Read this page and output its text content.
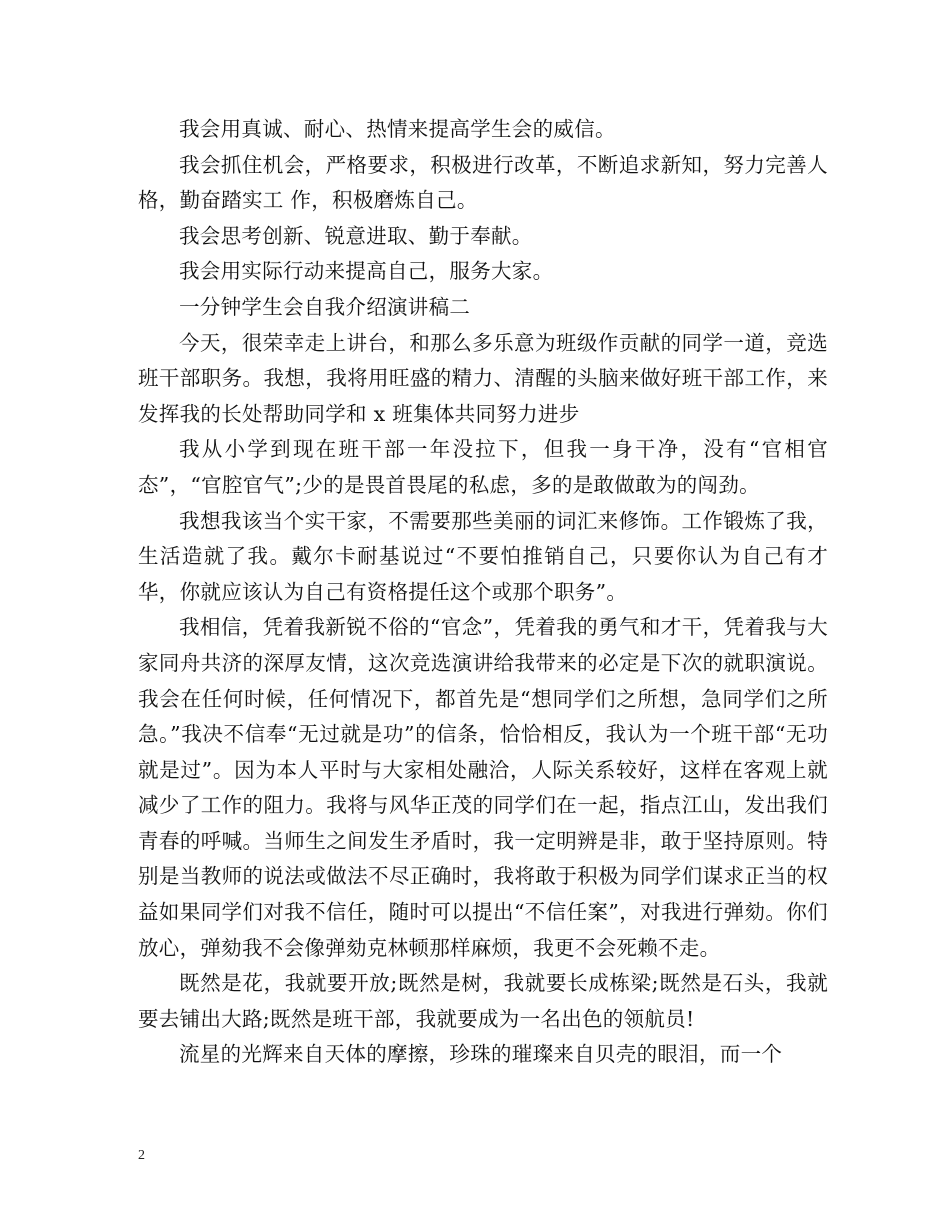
我会用真诚、耐心、热情来提高学生会的威信。

我会抓住机会，严格要求，积极进行改革，不断追求新知，努力完善人格，勤奋踏实工 作，积极磨炼自己。

我会思考创新、锐意进取、勤于奉献。

我会用实际行动来提高自己，服务大家。

一分钟学生会自我介绍演讲稿二

今天，很荣幸走上讲台，和那么多乐意为班级作贡献的同学一道，竞选班干部职务。我想，我将用旺盛的精力、清醒的头脑来做好班干部工作，来发挥我的长处帮助同学和 x 班集体共同努力进步

我从小学到现在班干部一年没拉下，但我一身干净，没有“官相官态”，“官腔官气”;少的是畏首畏尾的私虑，多的是敢做敢为的闯劲。

我想我该当个实干家，不需要那些美丽的词汇来修饰。工作锻炼了我，生活造就了我。戴尔卡耐基说过“不要怕推销自己，只要你认为自己有才华，你就应该认为自己有资格提任这个或那个职务”。

我相信，凭着我新锐不俗的“官念”，凭着我的勇气和才干，凭着我与大家同舟共济的深厚友情，这次竞选演讲给我带来的必定是下次的就职演说。我会在任何时候，任何情况下，都首先是“想同学们之所想，急同学们之所急。”我决不信奉“无过就是功”的信条，恰恰相反，我认为一个班干部“无功就是过”。因为本人平时与大家相处融洽，人际关系较好，这样在客观上就减少了工作的阻力。我将与风华正茂的同学们在一起，指点江山，发出我们青春的呼喊。当师生之间发生矛盾时，我一定明辨是非，敢于坚持原则。特别是当教师的说法或做法不尽正确时，我将敢于积极为同学们谋求正当的权益如果同学们对我不信任，随时可以提出“不信任案”，对我进行弹劾。你们放心，弹劾我不会像弹劾克林顿那样麻烦，我更不会死赖不走。

既然是花，我就要开放;既然是树，我就要长成栋梁;既然是石头，我就要去铺出大路;既然是班干部，我就要成为一名出色的领航员!

流星的光辉来自天体的摩擦，珍珠的璀璨来自贝壳的眼泪，而一个

2
